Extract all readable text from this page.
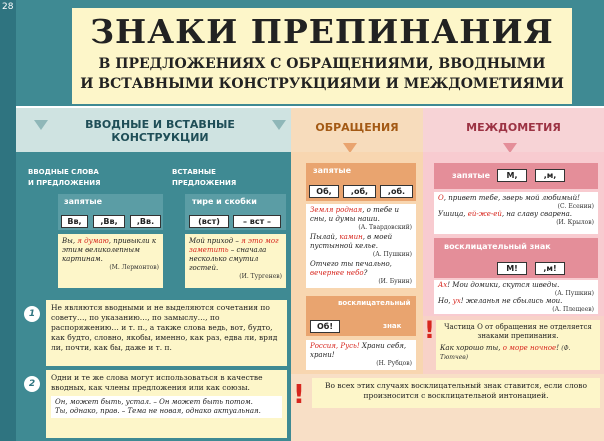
28
ЗНАКИ ПРЕПИНАНИЯ
В ПРЕДЛОЖЕНИЯХ С ОБРАЩЕНИЯМИ, ВВОДНЫМИ
И ВСТАВНЫМИ КОНСТРУКЦИЯМИ И МЕЖДОМЕТИЯМИ
ВВОДНЫЕ И ВСТАВНЫЕ
КОНСТРУКЦИИ
ОБРАЩЕНИЯ	МЕЖДОМЕТИЯ
ВВОДНЫЕ СЛОВА
И ПРЕДЛОЖЕНИЯ
ВСТАВНЫЕ
ПРЕДЛОЖЕНИЯ
запятые
Вв,	,Вв,	,Вв.
тире и скобки
(вст)	– вст –
Вы, я думаю, привыкли к этим великолепным картинам.
(М. Лермонтов)
Мой приход – я это мог заметить – сначала несколько смутил гостей.
(И. Тургенев)
запятые
Об,	,об,	,об.
Земля родная, о тебе и сны, и думы наши.
(А. Твардовский)
Пылай, камин, в моей пустынной келье.
(А. Пушкин)
Отчего ты печально, вечернее небо?
(И. Бунин)
восклицательный
знак
Об!
Россия, Русь! Храни себя, храни!
(Н. Рубцов)
запятые	М,	,м,
О, привет тебе, зверь мой любимый!
(С. Есенин)
Ушица, ей-же-ей, на славу сварена.
(И. Крылов)
восклицательный знак
М!	,м!
Ах! Мои домики, скутся шведы.
(А. Пушкин)
Но, ух! желанья не сбылись мои.
(А. Плещеев)
1
Не являются вводными и не выделяются сочетания по совету…, по указанию…, по замыслу…, по распоряжению… и т. п., а также слова ведь, вот, будто, как будто, словно, якобы, именно, как раз, едва ли, вряд ли, почти, как бы, даже и т. п.
2
Одни и те же слова могут использоваться в качестве вводных, как члены предложения или как союзы.
Он, может быть, устал. – Он может быть потом.
Ты, однако, прав. – Тема не новая, однако актуальная.
!
!	Частица О от обращения не отделяется знаками препинания.
Как хорошо ты, о море ночное! (Ф. Тютчев)
Во всех этих случаях восклицательный знак ставится, если слово произносится с восклицательной интонацией.
